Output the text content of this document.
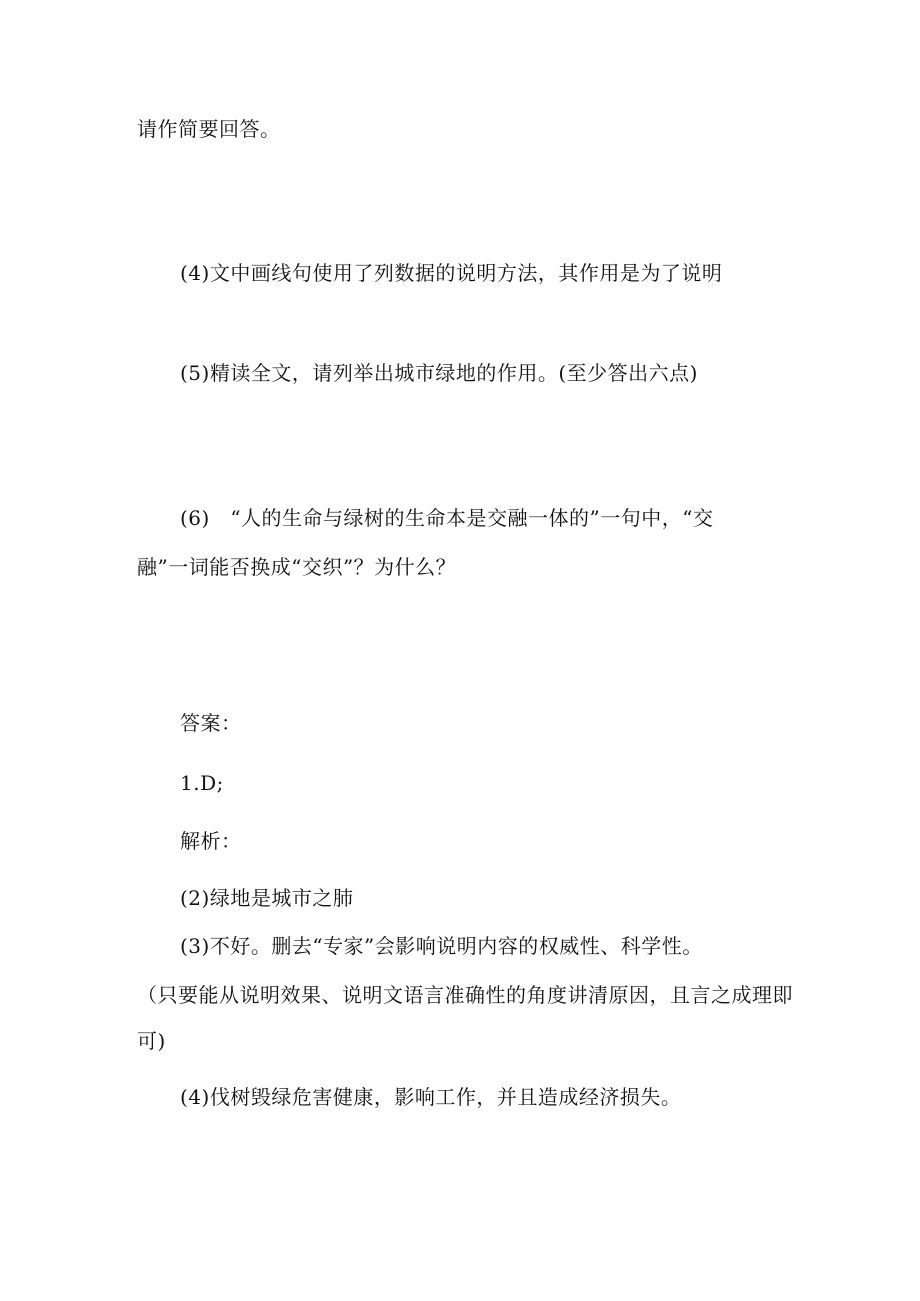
请作简要回答。
(4)文中画线句使用了列数据的说明方法，其作用是为了说明
(5)精读全文，请列举出城市绿地的作用。(至少答出六点)
(6)　“人的生命与绿树的生命本是交融一体的”一句中，“交
融”一词能否换成“交织”？为什么？
答案：
1.D;
解析：
(2)绿地是城市之肺
(3)不好。删去“专家”会影响说明内容的权威性、科学性。
（只要能从说明效果、说明文语言准确性的角度讲清原因，且言之成理即
可)
(4)伐树毁绿危害健康，影响工作，并且造成经济损失。
